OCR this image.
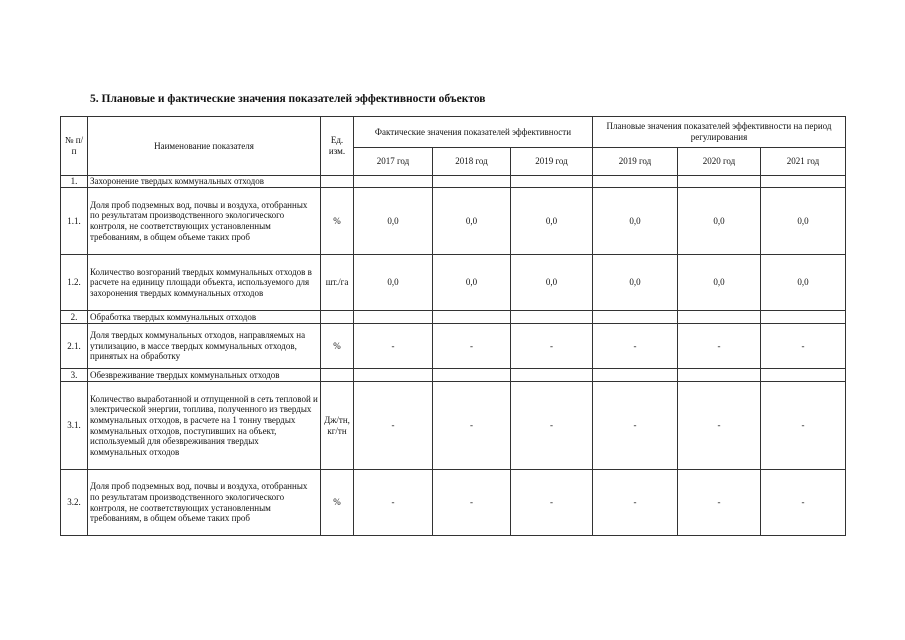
5. Плановые и фактические значения показателей эффективности объектов
№ п/п	Наименование показателя	Ед. изм.	Фактические значения показателей эффективности			Плановые значения показателей эффективности на период регулирования		
			2017 год	2018 год	2019 год	2019 год	2020 год	2021 год
1.	Захоронение твердых коммунальных отходов							
1.1.	Доля проб подземных вод, почвы и воздуха, отобранных по результатам производственного экологического контроля, не соответствующих установленным требованиям, в общем объеме таких проб	%	0,0	0,0	0,0	0,0	0,0	0,0
1.2.	Количество возгораний твердых коммунальных отходов в расчете на единицу площади объекта, используемого для захоронения твердых коммунальных отходов	шт./га	0,0	0,0	0,0	0,0	0,0	0,0
2.	Обработка твердых коммунальных отходов							
2.1.	Доля твердых коммунальных отходов, направляемых на утилизацию, в массе твердых коммунальных отходов, принятых на обработку	%	-	-	-	-	-	-
3.	Обезвреживание твердых коммунальных отходов							
3.1.	Количество выработанной и отпущенной в сеть тепловой и электрической энергии, топлива, полученного из твердых коммунальных отходов, в расчете на 1 тонну твердых коммунальных отходов, поступивших на объект, используемый для обезвреживания твердых коммунальных отходов	Дж/тн, кг/тн	-	-	-	-	-	-
3.2.	Доля проб подземных вод, почвы и воздуха, отобранных по результатам производственного экологического контроля, не соответствующих установленным требованиям, в общем объеме таких проб	%	-	-	-	-	-	-
